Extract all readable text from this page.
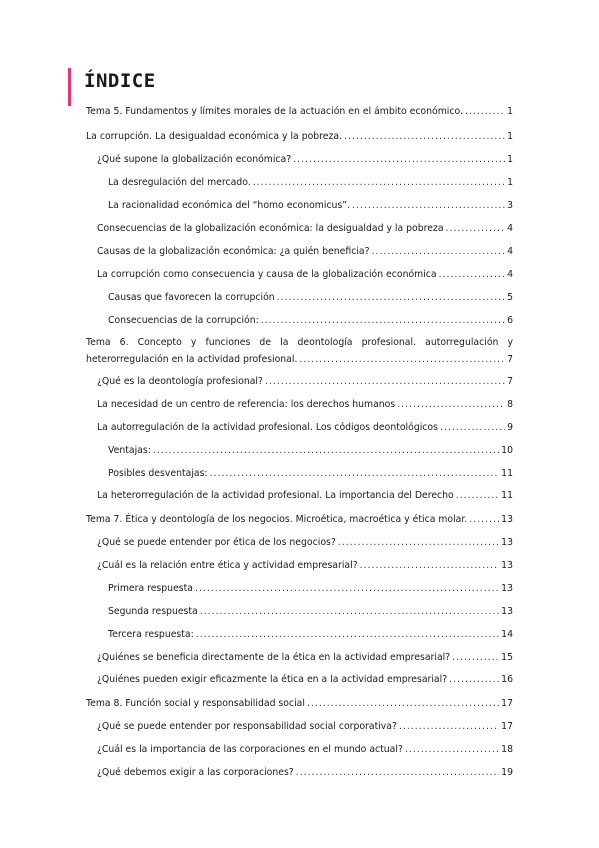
ÍNDICE
Tema 5. Fundamentos y límites morales de la actuación en el ámbito económico. .....	1
La corrupción. La desigualdad económica y la pobreza. .....	1
¿Qué supone la globalización económica? .....	1
La desregulación del mercado. .....	1
La racionalidad económica del “homo economicus”. .....	3
Consecuencias de la globalización económica: la desigualdad y la pobreza .....	4
Causas de la globalización económica: ¿a quién beneficia? .....	4
La corrupción como consecuencia y causa de la globalización económica .....	4
Causas que favorecen la corrupción .....	5
Consecuencias de la corrupción: .....	6
Tema 6. Concepto y funciones de la deontología profesional. autorregulación y
heterorregulación en la actividad profesional. .....	7
¿Qué es la deontología profesional? .....	7
La necesidad de un centro de referencia: los derechos humanos .....	8
La autorregulación de la actividad profesional. Los códigos deontológicos .....	9
Ventajas: .....	10
Posibles desventajas: .....	11
La heterorregulación de la actividad profesional. La importancia del Derecho .....	11
Tema 7. Ética y deontología de los negocios. Microética, macroética y ética molar. .....	13
¿Qué se puede entender por ética de los negocios? .....	13
¿Cuál es la relación entre ética y actividad empresarial? .....	13
Primera respuesta .....	13
Segunda respuesta .....	13
Tercera respuesta: .....	14
¿Quiénes se beneficia directamente de la ética en la actividad empresarial? .....	15
¿Quiénes pueden exigir eficazmente la ética en a la actividad empresarial? .....	16
Tema 8. Función social y responsabilidad social .....	17
¿Qué se puede entender por responsabilidad social corporativa? .....	17
¿Cuál es la importancia de las corporaciones en el mundo actual? .....	18
¿Qué debemos exigir a las corporaciones? .....	19
